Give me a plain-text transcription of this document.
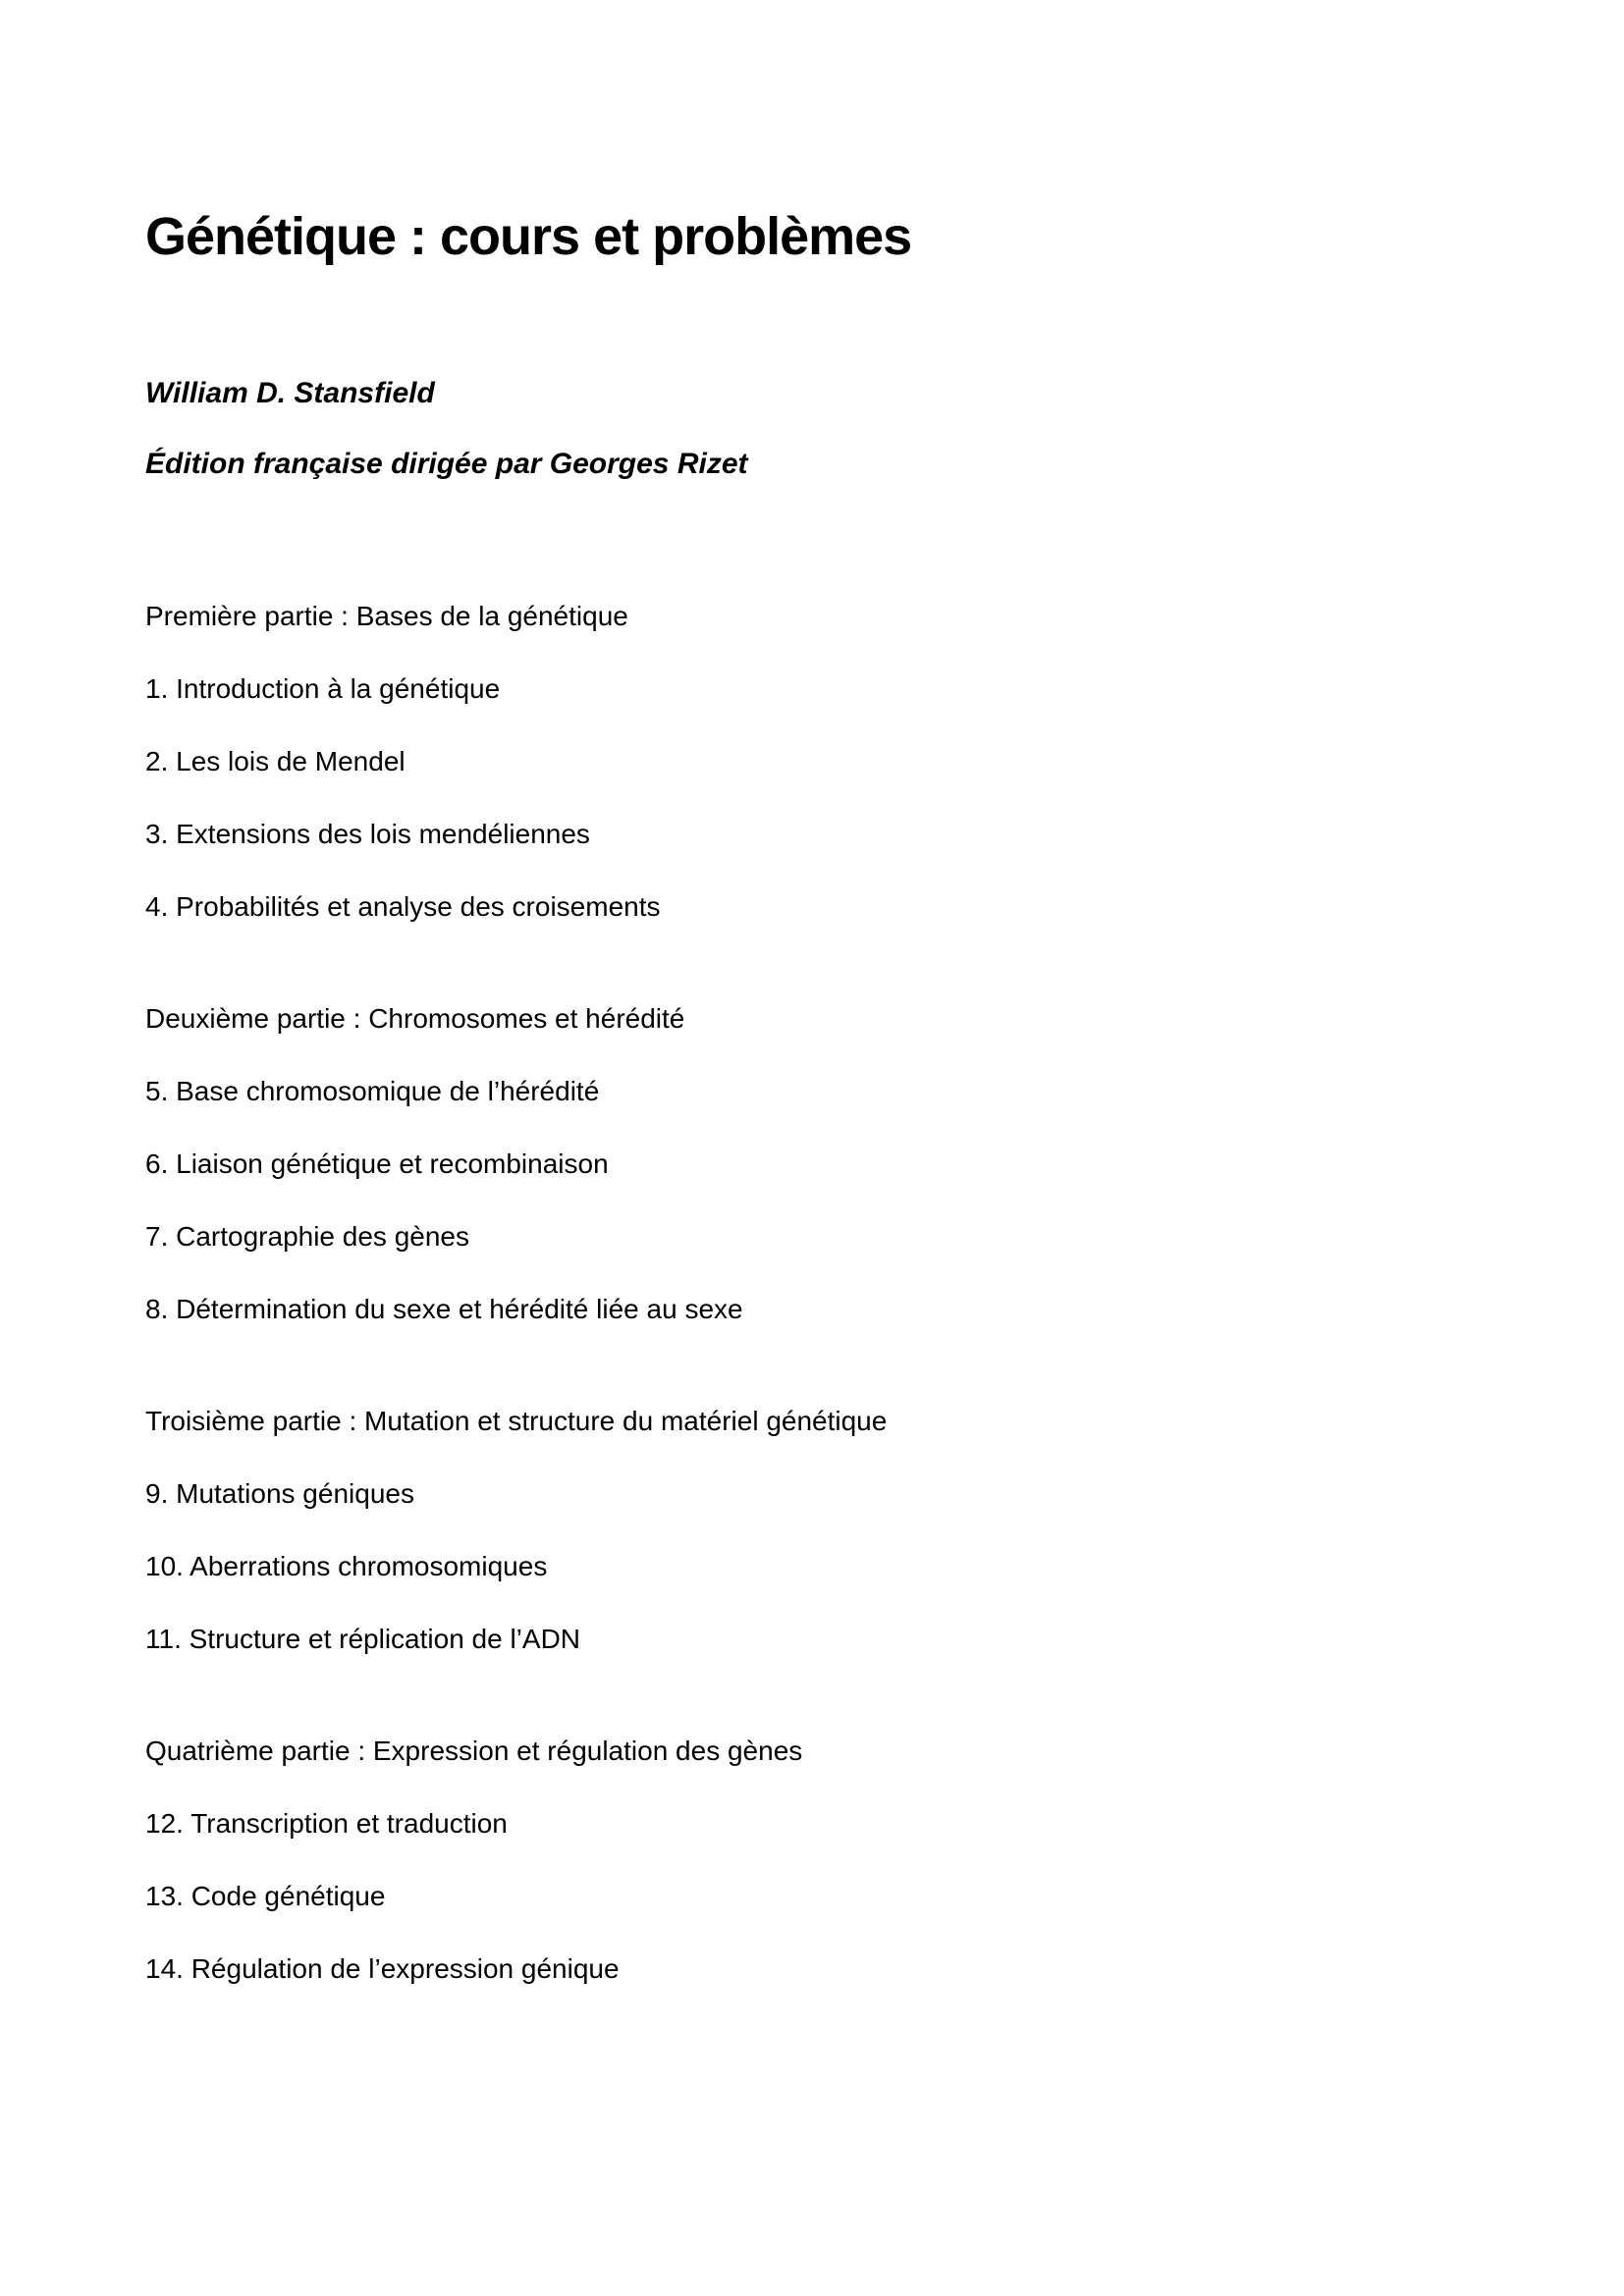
Génétique : cours et problèmes

William D. Stansfield

Édition française dirigée par Georges Rizet

Première partie : Bases de la génétique

1. Introduction à la génétique

2. Les lois de Mendel

3. Extensions des lois mendéliennes

4. Probabilités et analyse des croisements

Deuxième partie : Chromosomes et hérédité

5. Base chromosomique de l’hérédité

6. Liaison génétique et recombinaison

7. Cartographie des gènes

8. Détermination du sexe et hérédité liée au sexe

Troisième partie : Mutation et structure du matériel génétique

9. Mutations géniques

10. Aberrations chromosomiques

11. Structure et réplication de l’ADN

Quatrième partie : Expression et régulation des gènes

12. Transcription et traduction

13. Code génétique

14. Régulation de l’expression génique
